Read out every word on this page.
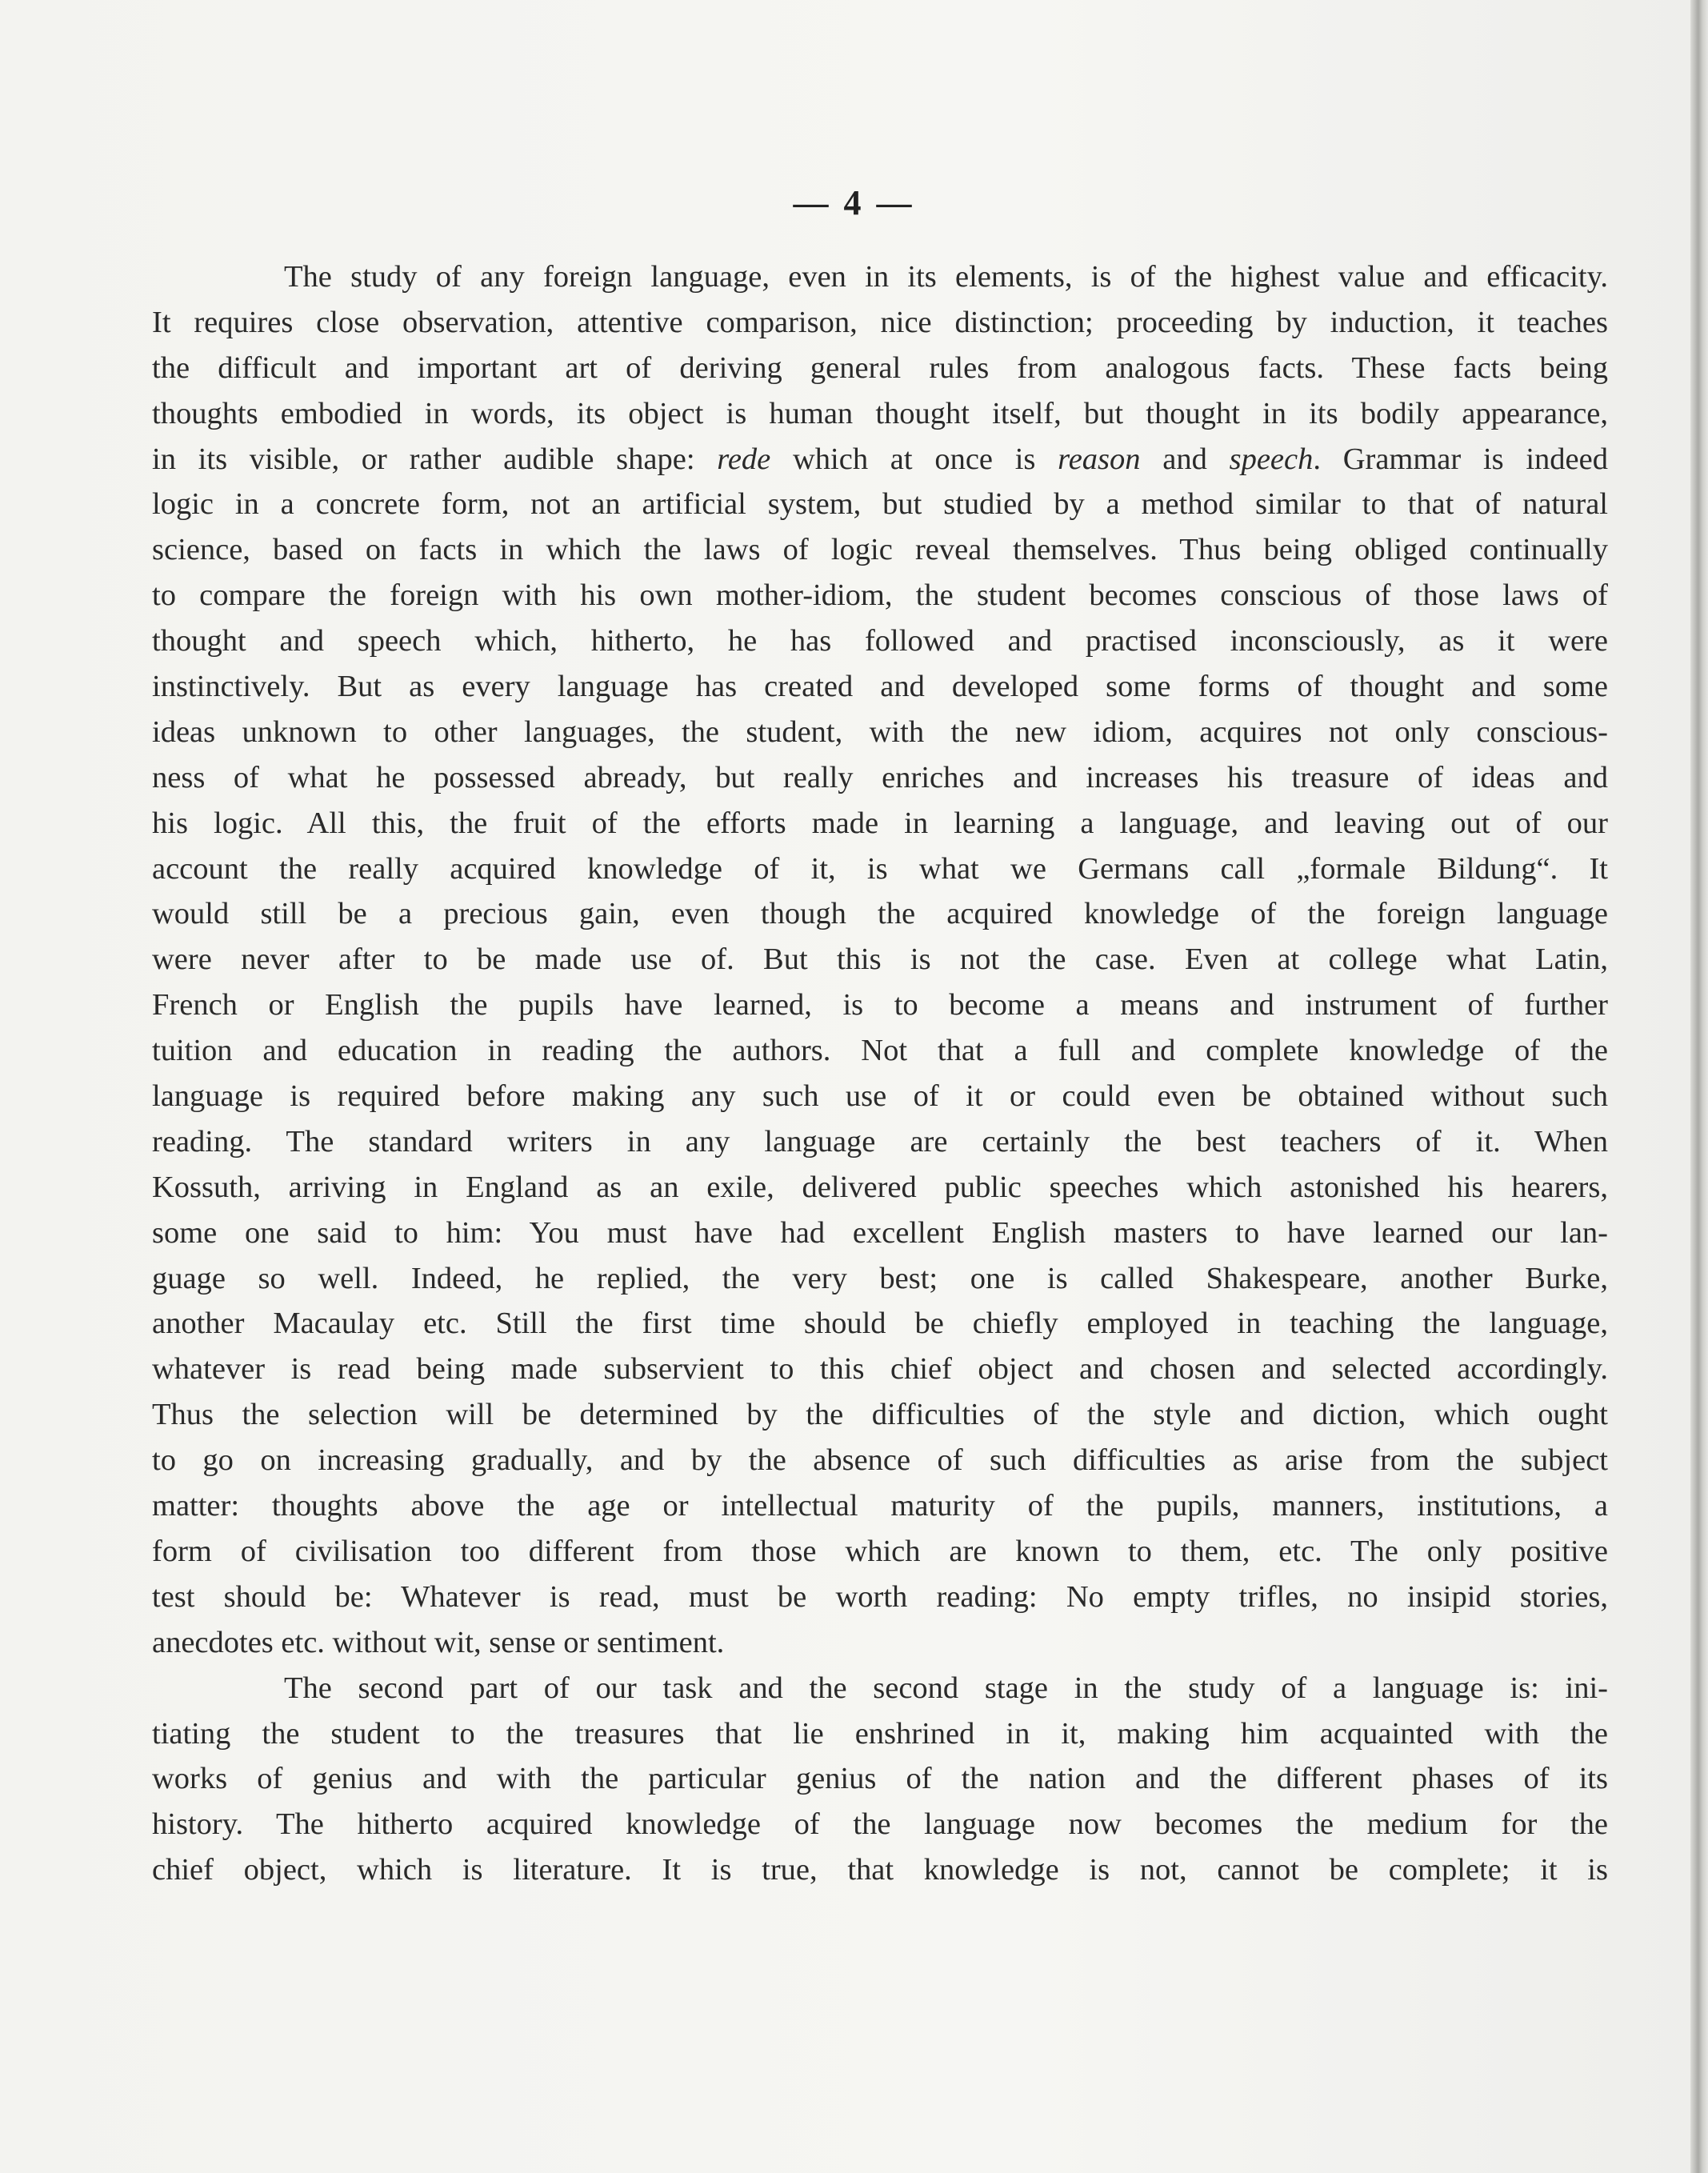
— 4 —
The study of any foreign language, even in its elements, is of the highest value and efficacity.
It requires close observation, attentive comparison, nice distinction; proceeding by induction, it teaches
the difficult and important art of deriving general rules from analogous facts. These facts being
thoughts embodied in words, its object is human thought itself, but thought in its bodily appearance,
in its visible, or rather audible shape: rede which at once is reason and speech. Grammar is indeed
logic in a concrete form, not an artificial system, but studied by a method similar to that of natural
science, based on facts in which the laws of logic reveal themselves. Thus being obliged continually
to compare the foreign with his own mother-idiom, the student becomes conscious of those laws of
thought and speech which, hitherto, he has followed and practised inconsciously, as it were
instinctively. But as every language has created and developed some forms of thought and some
ideas unknown to other languages, the student, with the new idiom, acquires not only conscious-
ness of what he possessed abready, but really enriches and increases his treasure of ideas and
his logic. All this, the fruit of the efforts made in learning a language, and leaving out of our
account the really acquired knowledge of it, is what we Germans call „formale Bildung“. It
would still be a precious gain, even though the acquired knowledge of the foreign language
were never after to be made use of. But this is not the case. Even at college what Latin,
French or English the pupils have learned, is to become a means and instrument of further
tuition and education in reading the authors. Not that a full and complete knowledge of the
language is required before making any such use of it or could even be obtained without such
reading. The standard writers in any language are certainly the best teachers of it. When
Kossuth, arriving in England as an exile, delivered public speeches which astonished his hearers,
some one said to him: You must have had excellent English masters to have learned our lan-
guage so well. Indeed, he replied, the very best; one is called Shakespeare, another Burke,
another Macaulay etc. Still the first time should be chiefly employed in teaching the language,
whatever is read being made subservient to this chief object and chosen and selected accordingly.
Thus the selection will be determined by the difficulties of the style and diction, which ought
to go on increasing gradually, and by the absence of such difficulties as arise from the subject
matter: thoughts above the age or intellectual maturity of the pupils, manners, institutions, a
form of civilisation too different from those which are known to them, etc. The only positive
test should be: Whatever is read, must be worth reading: No empty trifles, no insipid stories,
anecdotes etc. without wit, sense or sentiment.
The second part of our task and the second stage in the study of a language is: ini-
tiating the student to the treasures that lie enshrined in it, making him acquainted with the
works of genius and with the particular genius of the nation and the different phases of its
history. The hitherto acquired knowledge of the language now becomes the medium for the
chief object, which is literature. It is true, that knowledge is not, cannot be complete; it is
